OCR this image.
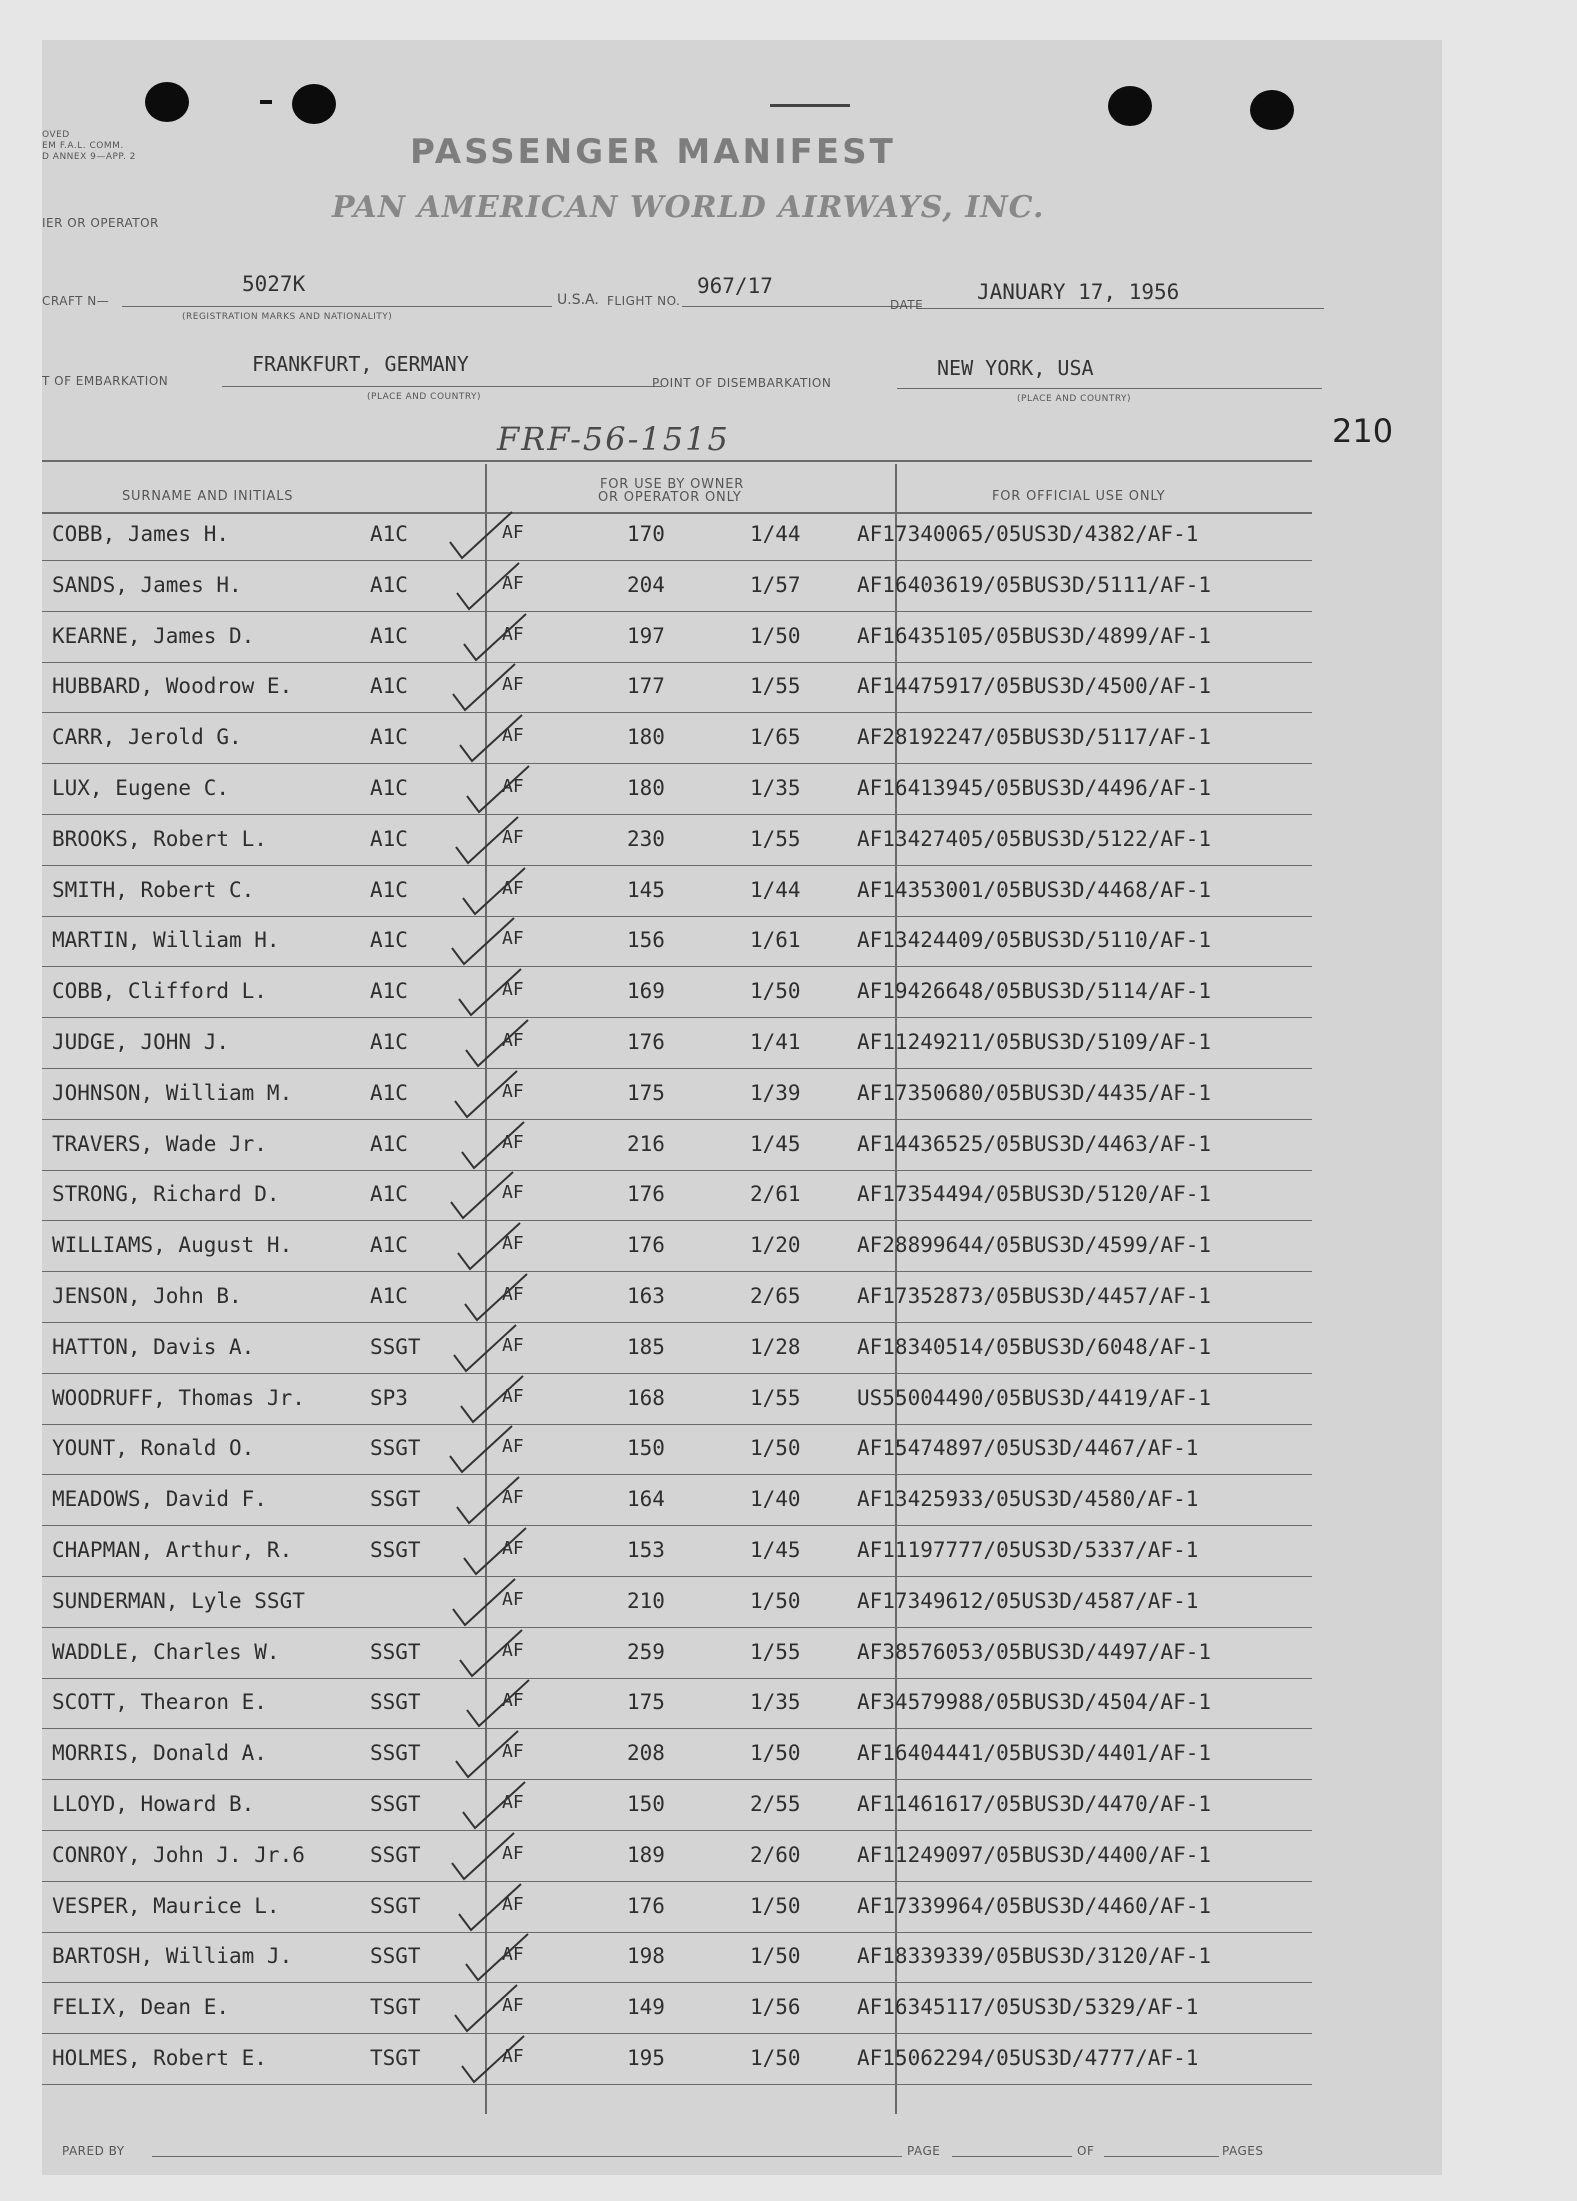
OVED
EM F.A.L. COMM.
D ANNEX 9—APP. 2	PASSENGER MANIFEST
IER OR OPERATOR	PAN AMERICAN WORLD AIRWAYS, INC.
CRAFT N—
5027K
(REGISTRATION MARKS AND NATIONALITY)
U.S.A. FLIGHT NO.
967/17
DATE
JANUARY 17, 1956
T OF EMBARKATION
FRANKFURT, GERMANY
(PLACE AND COUNTRY)
POINT OF DISEMBARKATION
NEW YORK, USA
(PLACE AND COUNTRY)
FRF-56-1515	210
SURNAME AND INITIALS
FOR USE BY OWNER
OR OPERATOR ONLY	FOR OFFICIAL USE ONLY
COBB, James H.	A1C	AF	170	1/44	AF17340065/05US3D/4382/AF-1
SANDS, James H.	A1C	AF	204	1/57	AF16403619/05BUS3D/5111/AF-1
KEARNE, James D.	A1C	AF	197	1/50	AF16435105/05BUS3D/4899/AF-1
HUBBARD, Woodrow E.	A1C	AF	177	1/55	AF14475917/05BUS3D/4500/AF-1
CARR, Jerold G.	A1C	AF	180	1/65	AF28192247/05BUS3D/5117/AF-1
LUX, Eugene C.	A1C	AF	180	1/35	AF16413945/05BUS3D/4496/AF-1
BROOKS, Robert L.	A1C	AF	230	1/55	AF13427405/05BUS3D/5122/AF-1
SMITH, Robert C.	A1C	AF	145	1/44	AF14353001/05BUS3D/4468/AF-1
MARTIN, William H.	A1C	AF	156	1/61	AF13424409/05BUS3D/5110/AF-1
COBB, Clifford L.	A1C	AF	169	1/50	AF19426648/05BUS3D/5114/AF-1
JUDGE, JOHN J.	A1C	AF	176	1/41	AF11249211/05BUS3D/5109/AF-1
JOHNSON, William M.	A1C	AF	175	1/39	AF17350680/05BUS3D/4435/AF-1
TRAVERS, Wade Jr.	A1C	AF	216	1/45	AF14436525/05BUS3D/4463/AF-1
STRONG, Richard D.	A1C	AF	176	2/61	AF17354494/05BUS3D/5120/AF-1
WILLIAMS, August H.	A1C	AF	176	1/20	AF28899644/05BUS3D/4599/AF-1
JENSON, John B.	A1C	AF	163	2/65	AF17352873/05BUS3D/4457/AF-1
HATTON, Davis A.	SSGT	AF	185	1/28	AF18340514/05BUS3D/6048/AF-1
WOODRUFF, Thomas Jr.	SP3	AF	168	1/55	US55004490/05BUS3D/4419/AF-1
YOUNT, Ronald O.	SSGT	AF	150	1/50	AF15474897/05US3D/4467/AF-1
MEADOWS, David F.	SSGT	AF	164	1/40	AF13425933/05US3D/4580/AF-1
CHAPMAN, Arthur, R.	SSGT	AF	153	1/45	AF11197777/05US3D/5337/AF-1
SUNDERMAN, Lyle SSGT	AF	210	1/50	AF17349612/05US3D/4587/AF-1
WADDLE, Charles W.	SSGT	AF	259	1/55	AF38576053/05BUS3D/4497/AF-1
SCOTT, Thearon E.	SSGT	AF	175	1/35	AF34579988/05BUS3D/4504/AF-1
MORRIS, Donald A.	SSGT	AF	208	1/50	AF16404441/05BUS3D/4401/AF-1
LLOYD, Howard B.	SSGT	AF	150	2/55	AF11461617/05BUS3D/4470/AF-1
CONROY, John J. Jr.6	SSGT	AF	189	2/60	AF11249097/05BUS3D/4400/AF-1
VESPER, Maurice L.	SSGT	AF	176	1/50	AF17339964/05BUS3D/4460/AF-1
BARTOSH, William J.	SSGT	AF	198	1/50	AF18339339/05BUS3D/3120/AF-1
FELIX, Dean E.	TSGT	AF	149	1/56	AF16345117/05US3D/5329/AF-1
HOLMES, Robert E.	TSGT	AF	195	1/50	AF15062294/05US3D/4777/AF-1
PARED BY	PAGE	OF	PAGES
